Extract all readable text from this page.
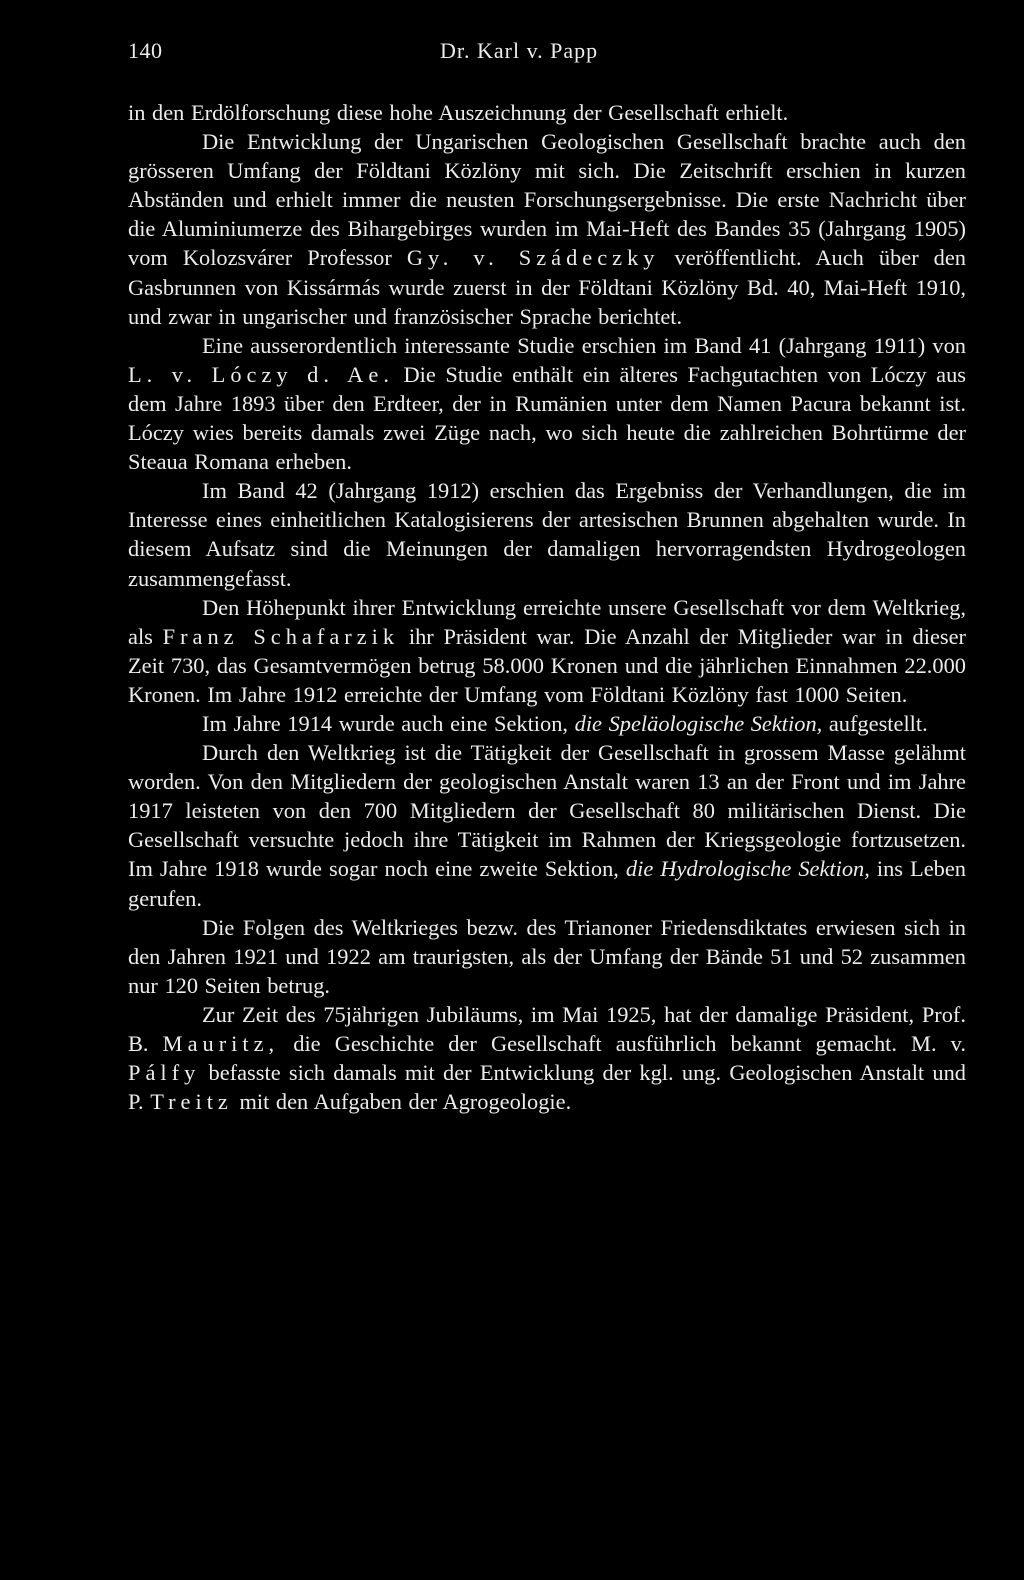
140	Dr. Karl v. Papp

in den Erdölforschung diese hohe Auszeichnung der Gesellschaft erhielt.

Die Entwicklung der Ungarischen Geologischen Gesellschaft brachte auch den grösseren Umfang der Földtani Közlöny mit sich. Die Zeitschrift erschien in kurzen Abständen und erhielt immer die neusten Forschungsergebnisse. Die erste Nachricht über die Aluminiumerze des Bihargebirges wurden im Mai-Heft des Bandes 35 (Jahrgang 1905) vom Kolozsvárer Professor Gy. v. Szádeczky veröffentlicht. Auch über den Gasbrunnen von Kissármás wurde zuerst in der Földtani Közlöny Bd. 40, Mai-Heft 1910, und zwar in ungarischer und französischer Sprache berichtet.

Eine ausserordentlich interessante Studie erschien im Band 41 (Jahrgang 1911) von L. v. Lóczy d. Ae. Die Studie enthält ein älteres Fachgutachten von Lóczy aus dem Jahre 1893 über den Erdteer, der in Rumänien unter dem Namen Pacura bekannt ist. Lóczy wies bereits damals zwei Züge nach, wo sich heute die zahlreichen Bohrtürme der Steaua Romana erheben.

Im Band 42 (Jahrgang 1912) erschien das Ergebniss der Verhandlungen, die im Interesse eines einheitlichen Katalogisierens der artesischen Brunnen abgehalten wurde. In diesem Aufsatz sind die Meinungen der damaligen hervorragendsten Hydrogeologen zusammengefasst.

Den Höhepunkt ihrer Entwicklung erreichte unsere Gesellschaft vor dem Weltkrieg, als Franz Schafarzik ihr Präsident war. Die Anzahl der Mitglieder war in dieser Zeit 730, das Gesamtvermögen betrug 58.000 Kronen und die jährlichen Einnahmen 22.000 Kronen. Im Jahre 1912 erreichte der Umfang vom Földtani Közlöny fast 1000 Seiten.

Im Jahre 1914 wurde auch eine Sektion, die Speläologische Sektion, aufgestellt.

Durch den Weltkrieg ist die Tätigkeit der Gesellschaft in grossem Masse gelähmt worden. Von den Mitgliedern der geologischen Anstalt waren 13 an der Front und im Jahre 1917 leisteten von den 700 Mitgliedern der Gesellschaft 80 militärischen Dienst. Die Gesellschaft versuchte jedoch ihre Tätigkeit im Rahmen der Kriegsgeologie fortzusetzen. Im Jahre 1918 wurde sogar noch eine zweite Sektion, die Hydrologische Sektion, ins Leben gerufen.

Die Folgen des Weltkrieges bezw. des Trianoner Friedensdiktates erwiesen sich in den Jahren 1921 und 1922 am traurigsten, als der Umfang der Bände 51 und 52 zusammen nur 120 Seiten betrug.

Zur Zeit des 75jährigen Jubiläums, im Mai 1925, hat der damalige Präsident, Prof. B. Mauritz, die Geschichte der Gesellschaft ausführlich bekannt gemacht. M. v. Pálfy befasste sich damals mit der Entwicklung der kgl. ung. Geologischen Anstalt und P. Treitz mit den Aufgaben der Agrogeologie.
